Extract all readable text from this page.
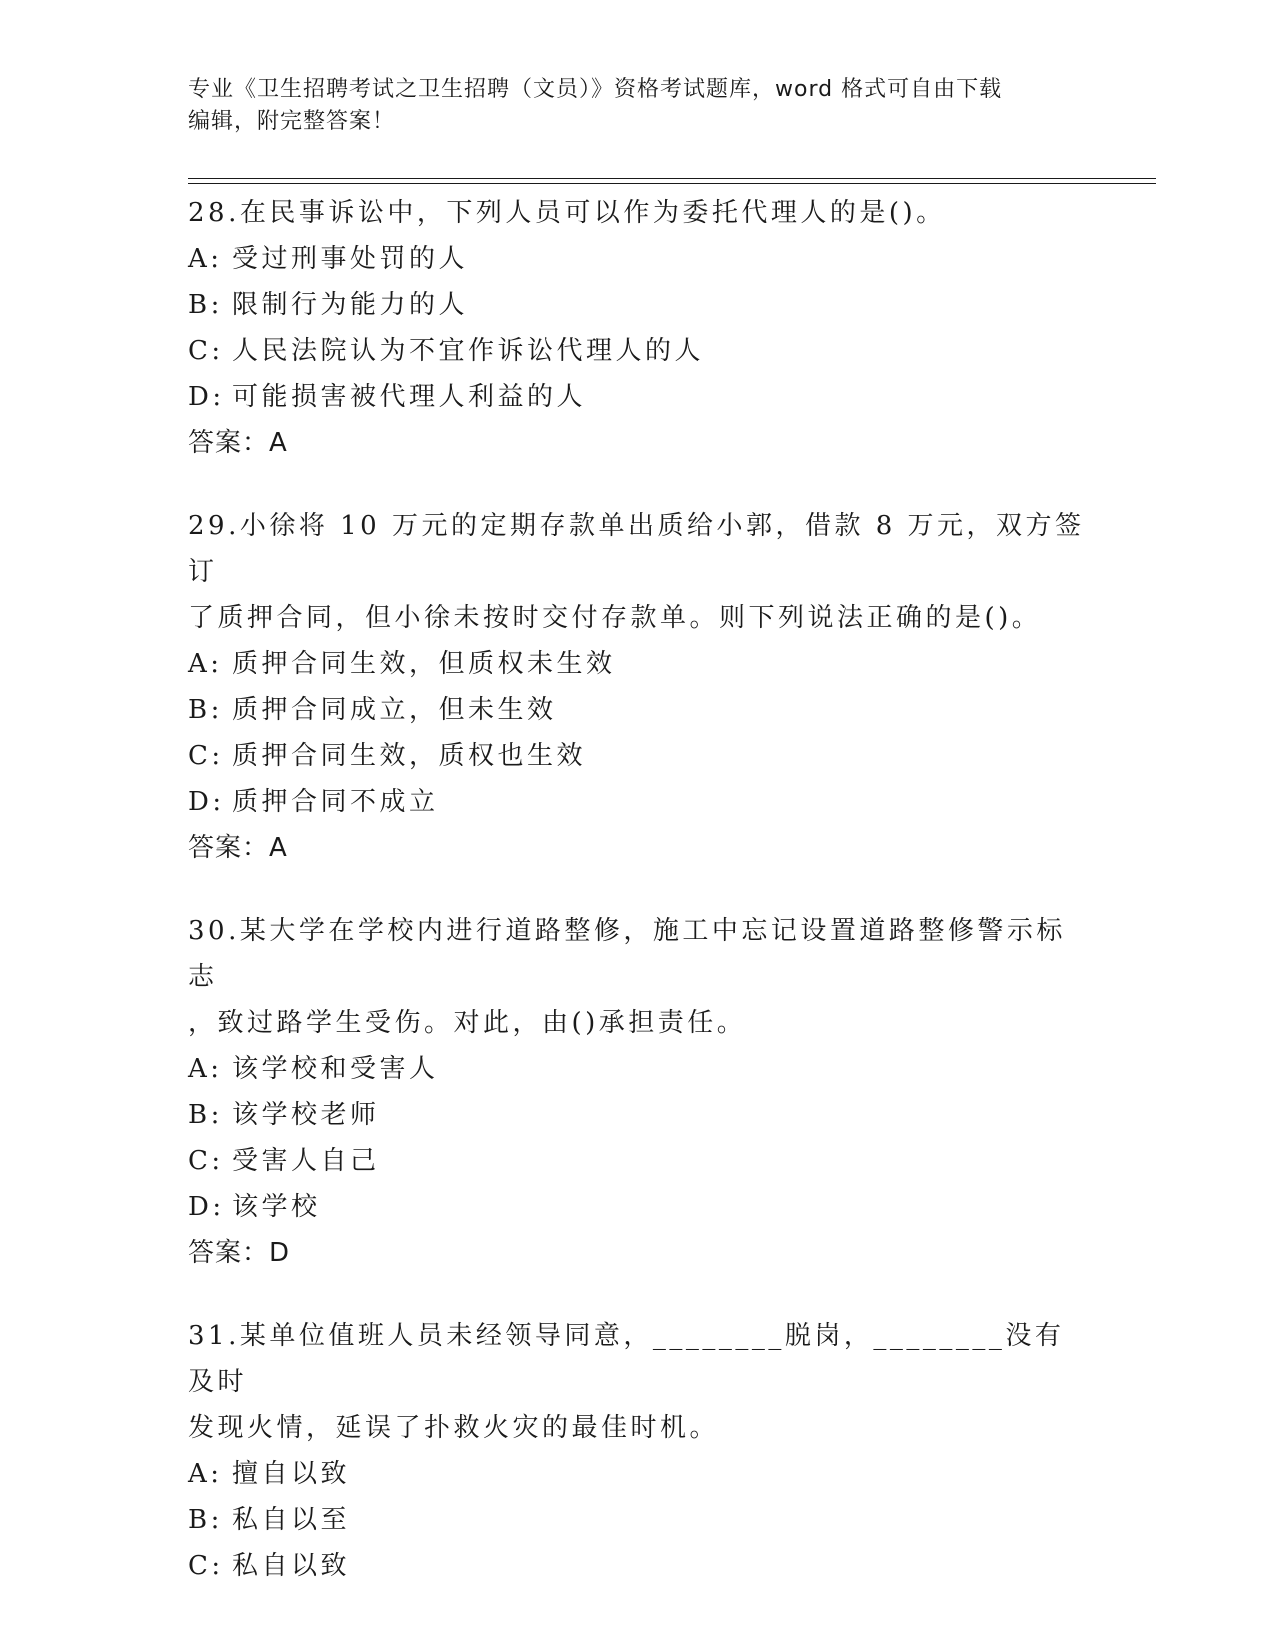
专业《卫生招聘考试之卫生招聘（文员）》资格考试题库，word 格式可自由下载
编辑，附完整答案！
28.在民事诉讼中，下列人员可以作为委托代理人的是()。
A: 受过刑事处罚的人
B: 限制行为能力的人
C: 人民法院认为不宜作诉讼代理人的人
D: 可能损害被代理人利益的人
答案：A
29.小徐将 10 万元的定期存款单出质给小郭，借款 8 万元，双方签订
了质押合同，但小徐未按时交付存款单。则下列说法正确的是()。
A: 质押合同生效，但质权未生效
B: 质押合同成立，但未生效
C: 质押合同生效，质权也生效
D: 质押合同不成立
答案：A
30.某大学在学校内进行道路整修，施工中忘记设置道路整修警示标志
，致过路学生受伤。对此，由()承担责任。
A: 该学校和受害人
B: 该学校老师
C: 受害人自己
D: 该学校
答案：D
31.某单位值班人员未经领导同意，________脱岗，________没有及时
发现火情，延误了扑救火灾的最佳时机。
A: 擅自以致
B: 私自以至
C: 私自以致
